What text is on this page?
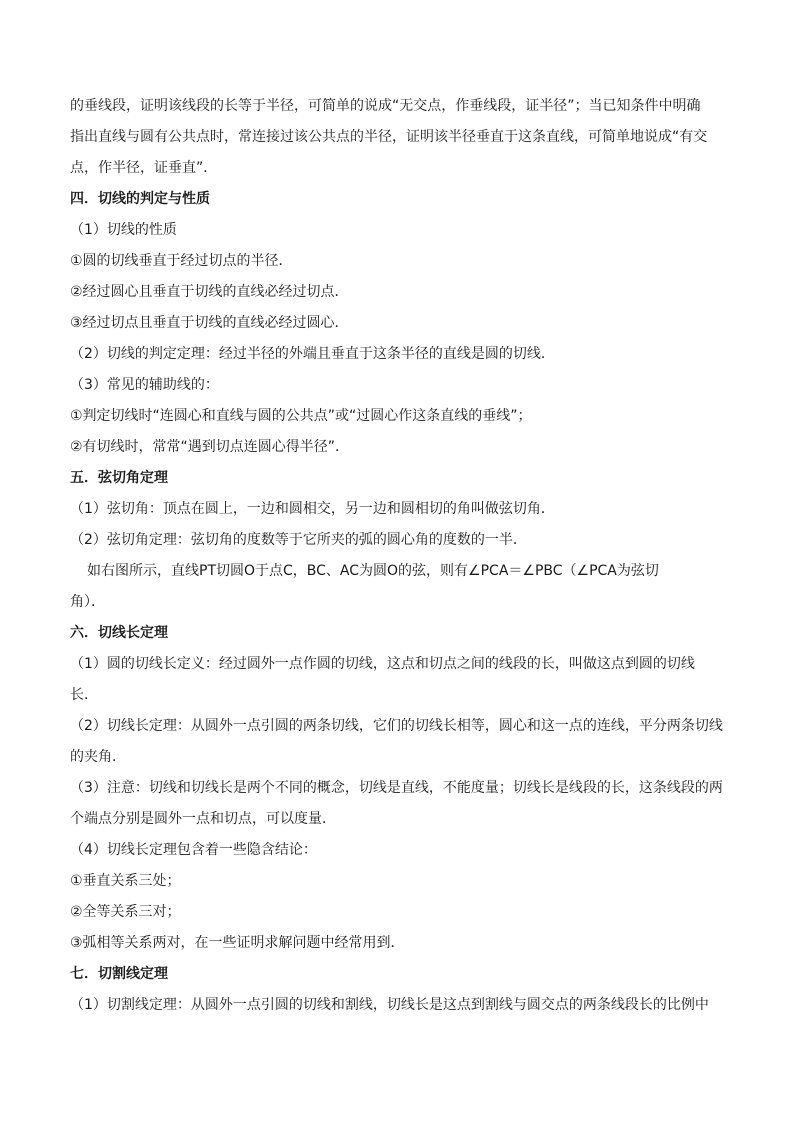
的垂线段，证明该线段的长等于半径，可简单的说成“无交点，作垂线段，证半径”；当已知条件中明确
指出直线与圆有公共点时，常连接过该公共点的半径，证明该半径垂直于这条直线，可简单地说成“有交
点，作半径，证垂直”．
四．切线的判定与性质
（1）切线的性质
①圆的切线垂直于经过切点的半径．
②经过圆心且垂直于切线的直线必经过切点．
③经过切点且垂直于切线的直线必经过圆心．
（2）切线的判定定理：经过半径的外端且垂直于这条半径的直线是圆的切线．
（3）常见的辅助线的：
①判定切线时“连圆心和直线与圆的公共点”或“过圆心作这条直线的垂线”；
②有切线时，常常“遇到切点连圆心得半径”．
五．弦切角定理
（1）弦切角：顶点在圆上，一边和圆相交，另一边和圆相切的角叫做弦切角．
（2）弦切角定理：弦切角的度数等于它所夹的弧的圆心角的度数的一半．
如右图所示，直线PT切圆O于点C，BC、AC为圆O的弦，则有∠PCA＝∠PBC（∠PCA为弦切
角）．
六．切线长定理
（1）圆的切线长定义：经过圆外一点作圆的切线，这点和切点之间的线段的长，叫做这点到圆的切线
长．
（2）切线长定理：从圆外一点引圆的两条切线，它们的切线长相等，圆心和这一点的连线，平分两条切线
的夹角．
（3）注意：切线和切线长是两个不同的概念，切线是直线，不能度量；切线长是线段的长，这条线段的两
个端点分别是圆外一点和切点，可以度量．
（4）切线长定理包含着一些隐含结论：
①垂直关系三处；
②全等关系三对；
③弧相等关系两对，在一些证明求解问题中经常用到．
七．切割线定理
（1）切割线定理：从圆外一点引圆的切线和割线，切线长是这点到割线与圆交点的两条线段长的比例中
